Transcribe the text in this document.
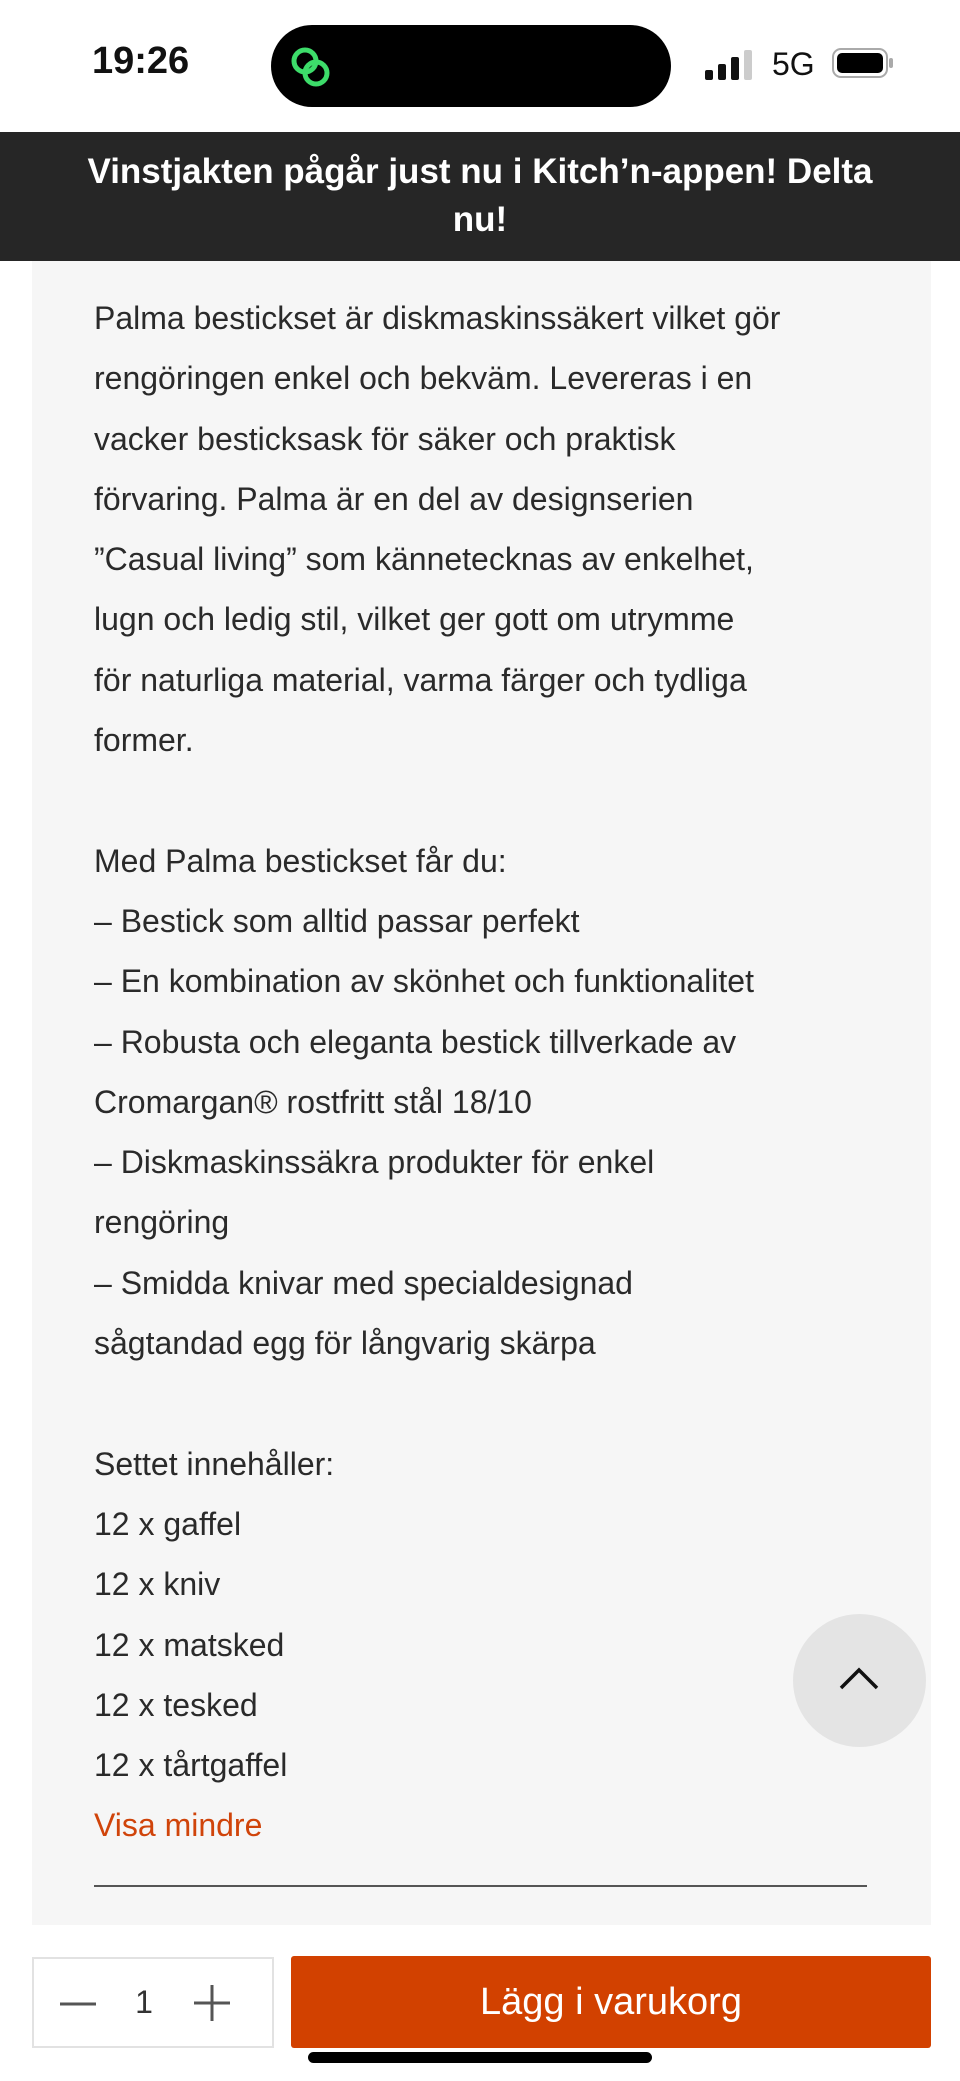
19:26	5G
Vinstjakten pågår just nu i Kitch’n-appen! Delta
nu!
Palma bestickset är diskmaskinssäkert vilket gör
rengöringen enkel och bekväm. Levereras i en
vacker besticksask för säker och praktisk
förvaring. Palma är en del av designserien
”Casual living” som kännetecknas av enkelhet,
lugn och ledig stil, vilket ger gott om utrymme
för naturliga material, varma färger och tydliga
former.
Med Palma bestickset får du:
– Bestick som alltid passar perfekt
– En kombination av skönhet och funktionalitet
– Robusta och eleganta bestick tillverkade av
Cromargan® rostfritt stål 18/10
– Diskmaskinssäkra produkter för enkel
rengöring
– Smidda knivar med specialdesignad
sågtandad egg för långvarig skärpa
Settet innehåller:
12 x gaffel
12 x kniv
12 x matsked
12 x tesked
12 x tårtgaffel
Visa mindre
1	Lägg i varukorg
